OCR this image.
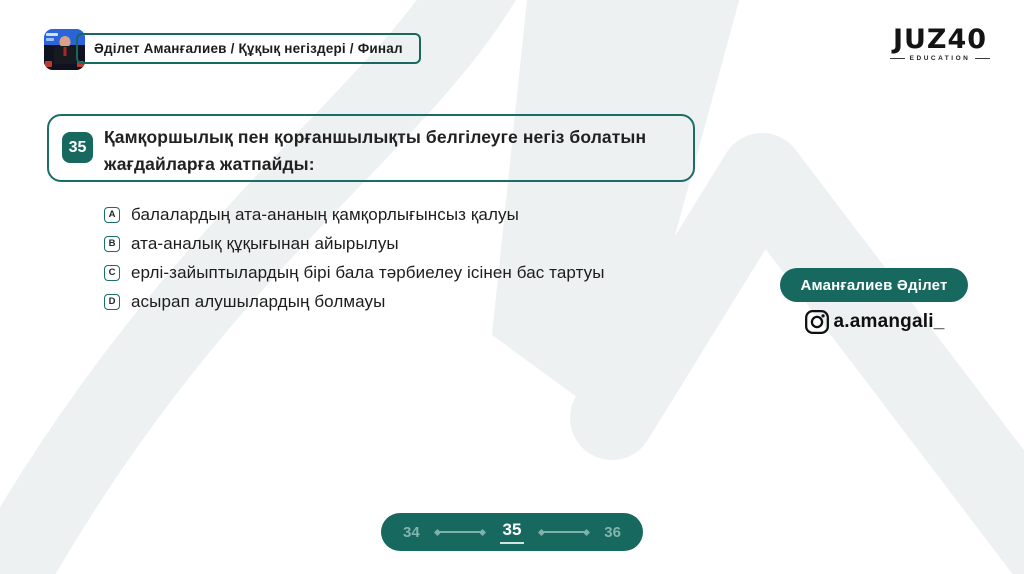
Әділет Аманғалиев / Құқық негіздері / Финал	JUZ40
EDUCATION
35	Қамқоршылық пен қорғаншылықты белгілеуге негіз болатын жағдайларға жатпайды:
A балалардың ата-ананың қамқорлығынсыз қалуы
B ата-аналық құқығынан айырылуы
C ерлі-зайыптылардың бірі бала тәрбиелеу ісінен бас тартуы
D асырап алушылардың болмауы
Аманғалиев Әділет
a.amangali_
34	35	36
